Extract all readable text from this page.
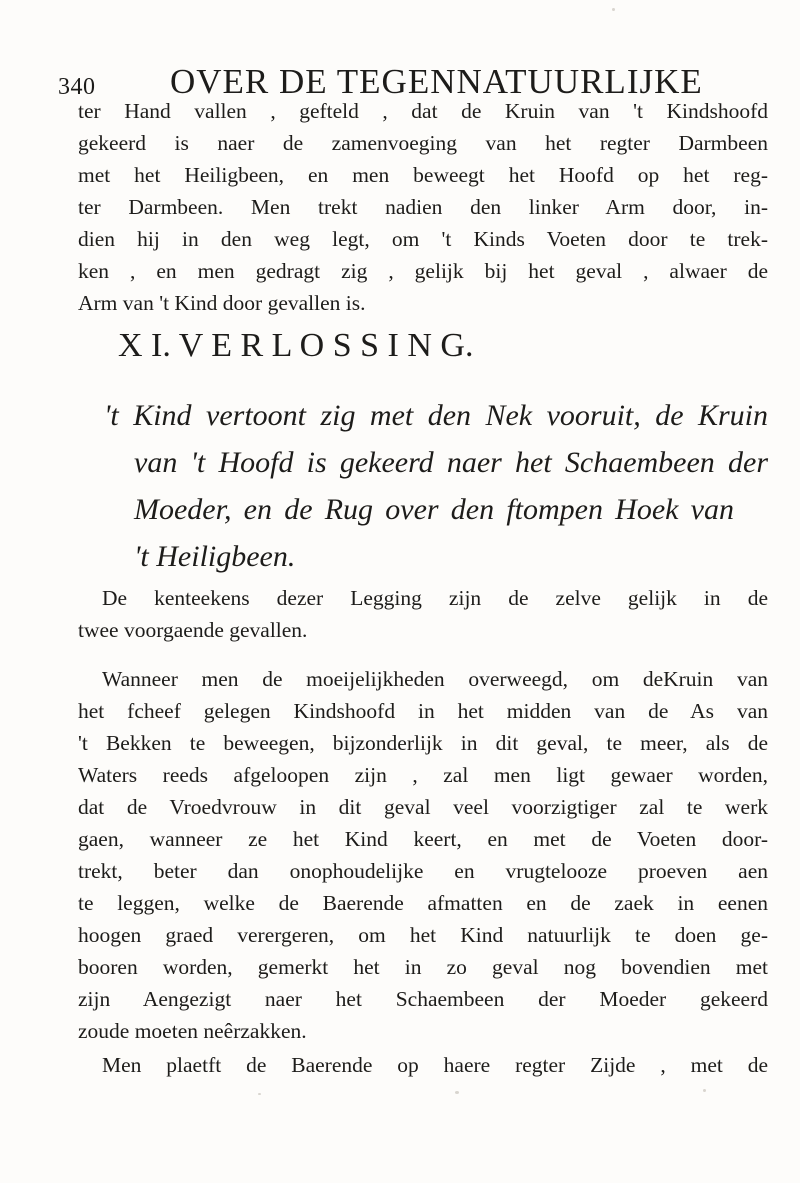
340 OVER DE TEGENNATUURLIJKE
ter Hand vallen , gefteld , dat de Kruin van 't Kindshoofd
gekeerd is naer de zamenvoeging van het regter Darmbeen
met het Heiligbeen, en men beweegt het Hoofd op het reg-
ter Darmbeen. Men trekt nadien den linker Arm door, in-
dien hij in den weg legt, om 't Kinds Voeten door te trek-
ken , en men gedragt zig , gelijk bij het geval , alwaer de
Arm van 't Kind door gevallen is.
X I. V E R L O S S I N G.
't Kind vertoont zig met den Nek vooruit, de Kruin
van 't Hoofd is gekeerd naer het Schaembeen der
Moeder, en de Rug over den ftompen Hoek van
't Heiligbeen.
De kenteekens dezer Legging zijn de zelve gelijk in de
twee voorgaende gevallen.
Wanneer men de moeijelijkheden overweegd, om deKruin van
het fcheef gelegen Kindshoofd in het midden van de As van
't Bekken te beweegen, bijzonderlijk in dit geval, te meer, als de
Waters reeds afgeloopen zijn , zal men ligt gewaer worden,
dat de Vroedvrouw in dit geval veel voorzigtiger zal te werk
gaen, wanneer ze het Kind keert, en met de Voeten door-
trekt, beter dan onophoudelijke en vrugtelooze proeven aen
te leggen, welke de Baerende afmatten en de zaek in eenen
hoogen graed verergeren, om het Kind natuurlijk te doen ge-
booren worden, gemerkt het in zo geval nog bovendien met
zijn Aengezigt naer het Schaembeen der Moeder gekeerd
zoude moeten neêrzakken.
Men plaetft de Baerende op haere regter Zijde , met de
